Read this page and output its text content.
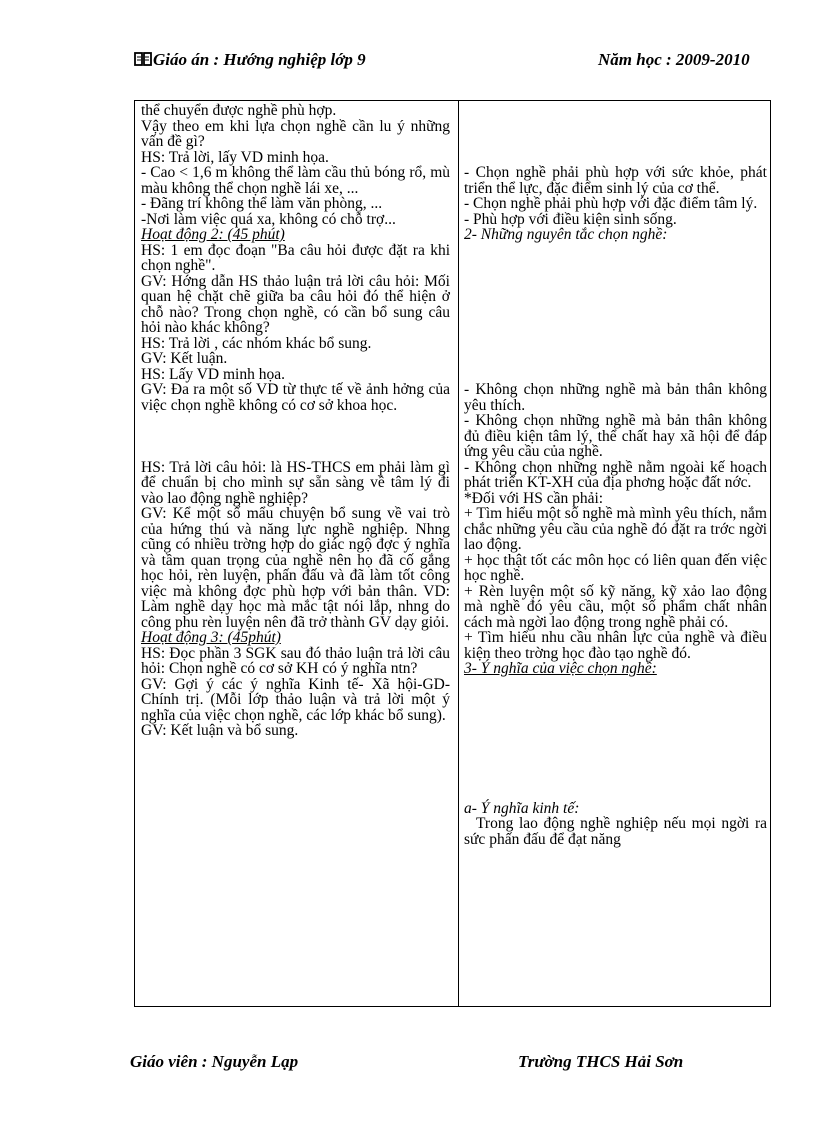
Giáo án : Hướng nghiệp lớp 9	Năm học : 2009-2010

thể chuyển được nghề phù hợp.

Vậy theo em khi lựa chọn nghề cần lu ý những vấn đề gì?

HS: Trả lời, lấy VD minh họa.

- Cao < 1,6 m không thể làm cầu thủ bóng rổ, mù màu không thể chọn nghề lái xe, ...

- Đãng trí không thể làm văn phòng, ...

-Nơi làm việc quá xa, không có chỗ trợ...

Hoạt động 2: (45 phút)

HS: 1 em đọc đoạn "Ba câu hỏi được đặt ra khi chọn nghề".

GV: Hớng dẫn HS thảo luận trả lời câu hỏi: Mối quan hệ chặt chẽ giữa ba câu hỏi đó thể hiện ở chỗ nào? Trong chọn nghề, có cần bổ sung câu hỏi nào khác không?

HS: Trả lời , các nhóm khác bổ sung.

GV: Kết luận.

HS: Lấy VD minh họa.

GV: Đa ra một số VD từ thực tế về ảnh hởng của việc chọn nghề không có cơ sở khoa học.

HS: Trả lời câu hỏi: là HS-THCS em phải làm gì để chuẩn bị cho mình sự sẵn sàng về tâm lý đi vào lao động nghề nghiệp?

GV: Kể một số mẩu chuyện bổ sung về vai trò của hứng thú và năng lực nghề nghiệp. Nhng cũng có nhiều trờng hợp do giác ngộ đợc ý nghĩa và tầm quan trọng của nghề nên họ đã cố gắng học hỏi, rèn luyện, phấn đấu và đã làm tốt công việc mà không đợc phù hợp với bản thân. VD: Làm nghề dạy học mà mắc tật nói lắp, nhng do công phu rèn luyện nên đã trở thành GV dạy giỏi.

Hoạt động 3: (45phút)

HS: Đọc phần 3 SGK sau đó thảo luận trả lời câu hỏi: Chọn nghề có cơ sở KH có ý nghĩa ntn?

GV: Gợi ý các ý nghĩa Kinh tế- Xã hội-GD- Chính trị. (Mỗi lớp thảo luận và trả lời một ý nghĩa của việc chọn nghề, các lớp khác bổ sung).

GV: Kết luận và bổ sung.

- Chọn nghề phải phù hợp với sức khỏe, phát triển thể lực, đặc điểm sinh lý của cơ thể.

- Chọn nghề phải phù hợp với đặc điểm tâm lý.

- Phù hợp với điều kiện sinh sống.

2- Những nguyên tắc chọn nghề:

- Không chọn những nghề mà bản thân không yêu thích.

- Không chọn những nghề mà bản thân không đủ điều kiện tâm lý, thể chất hay xã hội để đáp ứng yêu cầu của nghề.

- Không chọn những nghề nằm ngoài kế hoạch phát triển KT-XH của địa phơng hoặc đất nớc.

*Đối với HS cần phải:

+ Tìm hiểu một số nghề mà mình yêu thích, nắm chắc những yêu cầu của nghề đó đặt ra trớc ngời lao động.

+ học thật tốt các môn học có liên quan đến việc học nghề.

+ Rèn luyện một số kỹ năng, kỹ xảo lao động mà nghề đó yêu cầu, một số phẩm chất nhân cách mà ngời lao động trong nghề phải có.

+ Tìm hiểu nhu cầu nhân lực của nghề và điều kiện theo trờng học đào tạo nghề đó.

3- Ý nghĩa của việc chọn nghề:

a- Ý nghĩa kinh tế:

Trong lao động nghề nghiệp nếu mọi ngời ra sức phấn đấu để đạt năng

Giáo viên : Nguyễn Lạp	Trường THCS Hải Sơn
